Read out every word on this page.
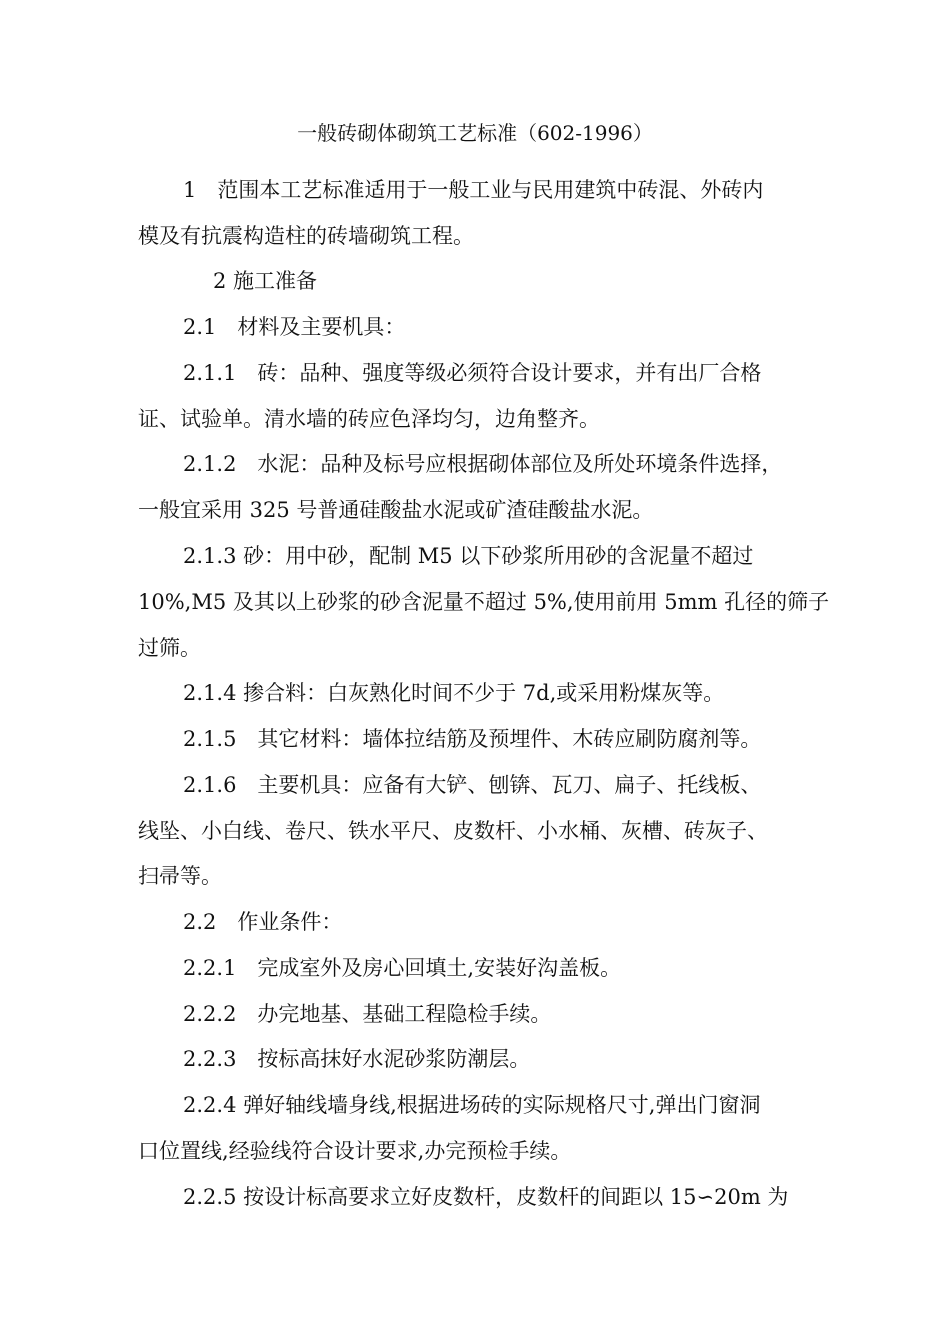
一般砖砌体砌筑工艺标准（602-1996）
1　范围本工艺标准适用于一般工业与民用建筑中砖混、外砖内
模及有抗震构造柱的砖墙砌筑工程。
2 施工准备
2.1　材料及主要机具：
2.1.1　砖：品种、强度等级必须符合设计要求，并有出厂合格
证、试验单。清水墙的砖应色泽均匀，边角整齐。
2.1.2　水泥：品种及标号应根据砌体部位及所处环境条件选择，
一般宜采用 325 号普通硅酸盐水泥或矿渣硅酸盐水泥。
2.1.3 砂：用中砂，配制 M5 以下砂浆所用砂的含泥量不超过
10%,M5 及其以上砂浆的砂含泥量不超过 5%,使用前用 5mm 孔径的筛子
过筛。
2.1.4 掺合料：白灰熟化时间不少于 7d,或采用粉煤灰等。
2.1.5　其它材料：墙体拉结筋及预埋件、木砖应刷防腐剂等。
2.1.6　主要机具：应备有大铲、刨锛、瓦刀、扁子、托线板、
线坠、小白线、卷尺、铁水平尺、皮数杆、小水桶、灰槽、砖灰子、
扫帚等。
2.2　作业条件：
2.2.1　完成室外及房心回填土,安装好沟盖板。
2.2.2　办完地基、基础工程隐检手续。
2.2.3　按标高抹好水泥砂浆防潮层。
2.2.4 弹好轴线墙身线,根据进场砖的实际规格尺寸,弹出门窗洞
口位置线,经验线符合设计要求,办完预检手续。
2.2.5 按设计标高要求立好皮数杆，皮数杆的间距以 15∽20m 为
